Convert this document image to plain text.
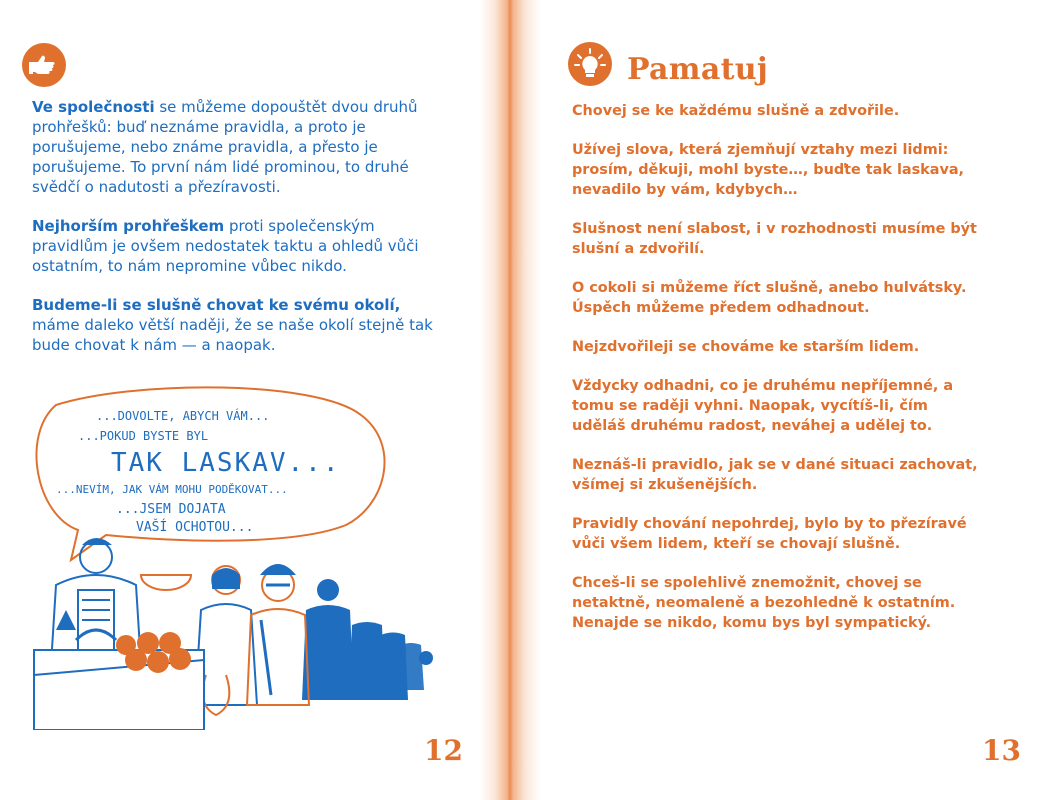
Ve společnosti se můžeme dopouštět dvou druhů prohřešků: buď neznáme pravidla, a proto je porušujeme, nebo známe pravidla, a přesto je porušujeme. To první nám lidé prominou, to druhé svědčí o nadutosti a přezíravosti.

Nejhorším prohřeškem proti společenským pravidlům je ovšem nedostatek taktu a ohledů vůči ostatním, to nám nepromine vůbec nikdo.

Budeme-li se slušně chovat ke svému okolí, máme daleko větší naději, že se naše okolí stejně tak bude chovat k nám — a naopak.

...DOVOLTE, ABYCH VÁM...
...POKUD BYSTE BYL
TAK LASKAV...
...NEVÍM, JAK VÁM MOHU PODĚKOVAT...
...JSEM DOJATA
VAŠÍ OCHOTOU...
12
Pamatuj

Chovej se ke každému slušně a zdvořile.

Užívej slova, která zjemňují vztahy mezi lidmi: prosím, děkuji, mohl byste…, buďte tak laskava, nevadilo by vám, kdybych…

Slušnost není slabost, i v rozhodnosti musíme být slušní a zdvořilí.

O cokoli si můžeme říct slušně, anebo hulvátsky. Úspěch můžeme předem odhadnout.

Nejzdvořileji se chováme ke starším lidem.

Vždycky odhadni, co je druhému nepříjemné, a tomu se raději vyhni. Naopak, vycítíš-li, čím uděláš druhému radost, neváhej a udělej to.

Neznáš-li pravidlo, jak se v dané situaci zachovat, všímej si zkušenějších.

Pravidly chování nepohrdej, bylo by to přezíravé vůči všem lidem, kteří se chovají slušně.

Chceš-li se spolehlivě znemožnit, chovej se netaktně, neomaleně a bezohledně k ostatním. Nenajde se nikdo, komu bys byl sympatický.

13
